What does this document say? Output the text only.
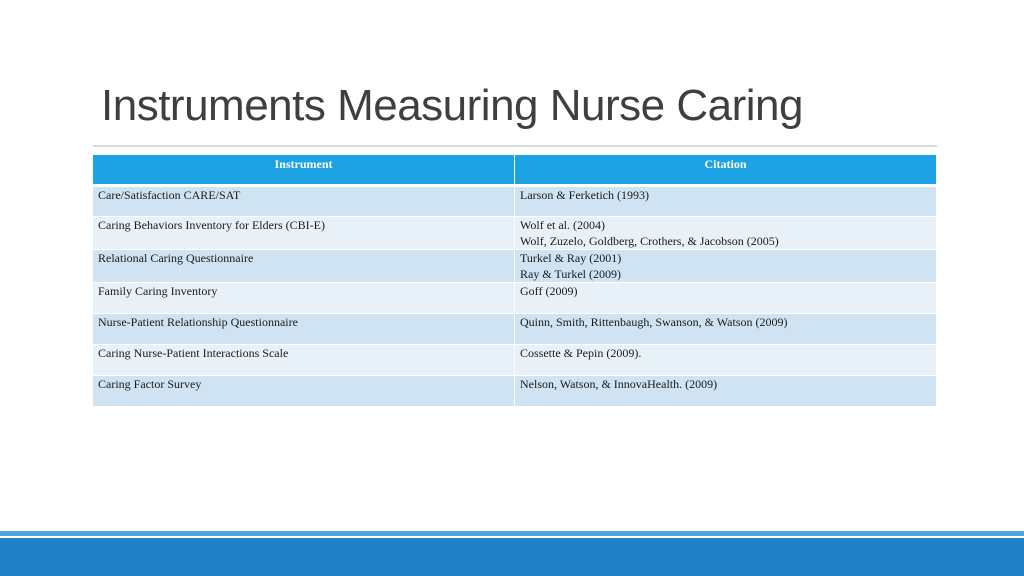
Instruments Measuring Nurse Caring
Instrument	Citation
Care/Satisfaction CARE/SAT	Larson & Ferketich (1993)

Caring Behaviors Inventory for Elders (CBI-E)	Wolf et al. (2004)
Wolf, Zuzelo, Goldberg, Crothers, & Jacobson (2005)

Relational Caring Questionnaire	Turkel & Ray (2001)
Ray & Turkel (2009)

Family Caring Inventory	Goff (2009)

Nurse-Patient Relationship Questionnaire	Quinn, Smith, Rittenbaugh, Swanson, & Watson (2009)

Caring Nurse-Patient Interactions Scale	Cossette & Pepin (2009).

Caring Factor Survey	Nelson, Watson, & InnovaHealth. (2009)
